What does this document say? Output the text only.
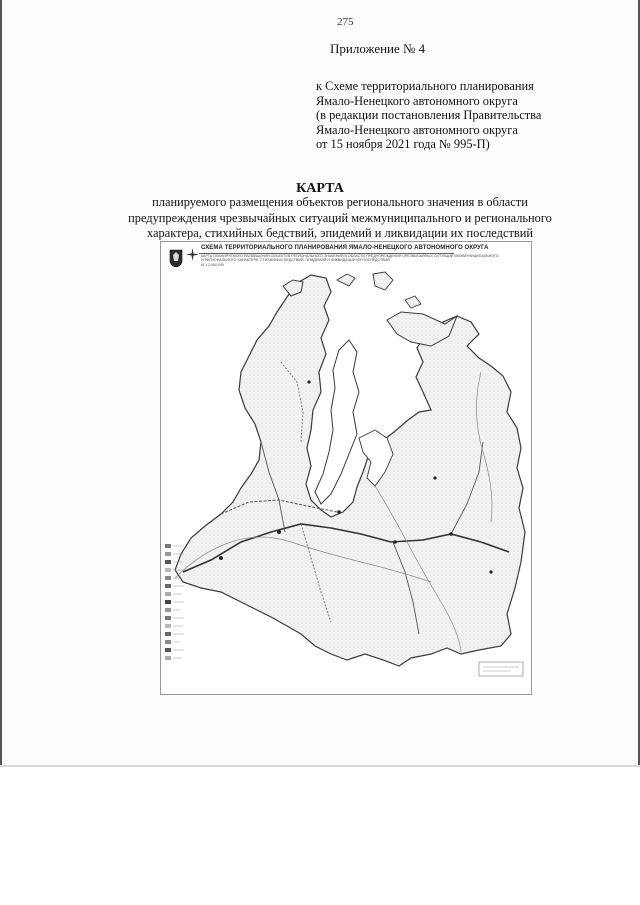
275
Приложение № 4
к Схеме территориального планирования
Ямало-Ненецкого автономного округа
(в редакции постановления Правительства
Ямало-Ненецкого автономного округа
от 15 ноября 2021 года № 995-П)
КАРТА
планируемого размещения объектов регионального значения в области
предупреждения чрезвычайных ситуаций межмуниципального и регионального
характера, стихийных бедствий, эпидемий и ликвидации их последствий
СХЕМА ТЕРРИТОРИАЛЬНОГО ПЛАНИРОВАНИЯ ЯМАЛО-НЕНЕЦКОГО АВТОНОМНОГО ОКРУГА
КАРТА ПЛАНИРУЕМОГО РАЗМЕЩЕНИЯ ОБЪЕКТОВ РЕГИОНАЛЬНОГО ЗНАЧЕНИЯ В ОБЛАСТИ ПРЕДУПРЕЖДЕНИЯ ЧРЕЗВЫЧАЙНЫХ СИТУАЦИЙ МЕЖМУНИЦИПАЛЬНОГО
И РЕГИОНАЛЬНОГО ХАРАКТЕРА, СТИХИЙНЫХ БЕДСТВИЙ, ЭПИДЕМИЙ И ЛИКВИДАЦИИ ИХ ПОСЛЕДСТВИЙ
М 1:2 000 000
